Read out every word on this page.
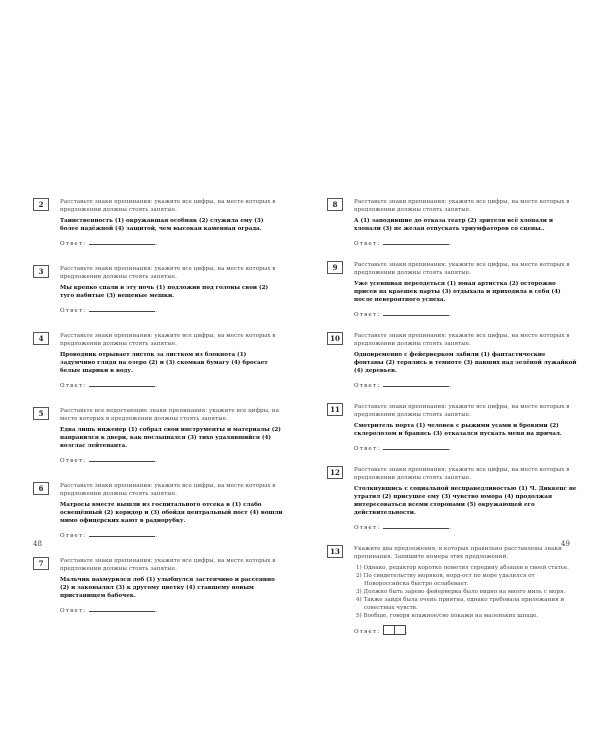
2	Расставьте знаки препинания: укажите все цифры, на месте которых в предложении должны стоять запятые.
Таинственность (1) окружавшая особняк (2) служила ему (3) более надёжной (4) защитой, чем высокая каменная ограда.
Ответ:	.
3	Расставьте знаки препинания: укажите все цифры, на месте которых в предложении должны стоять запятые.
Мы крепко спали в эту ночь (1) подложив под головы свои (2) туго набитые (3) вещевые мешки.
Ответ:	.
4	Расставьте знаки препинания: укажите все цифры, на месте которых в предложении должны стоять запятые.
Проводник отрывает листок за листком из блокнота (1) задумчиво глядя на озеро (2) и (3) скомкав бумагу (4) бросает белые шарики в воду.
Ответ:	.
5	Расставьте все недостающие знаки препинания: укажите все цифры, на месте которых в предложении должны стоять запятые.
Едва лишь инженер (1) собрал свои инструменты и материалы (2) направился к двери, как послышался (3) тихо удалявшийся (4) возглас лейтенанта.
Ответ:	.
6	Расставьте знаки препинания: укажите все цифры, на месте которых в предложении должны стоять запятые.
Матросы вместе вышли из госпитального отсека в (1) слабо освещённый (2) коридор и (3) обойдя центральный пост (4) вошли мимо офицерских кают в радиорубку.
Ответ:	.
7	Расставьте знаки препинания: укажите все цифры, на месте которых в предложении должны стоять запятые.
Мальчик нахмурился лоб (1) улыбнулся застенчиво и рассеянно (2) и заковылял (3) к другому цветку (4) ставшему новым пристанищем бабочек.
Ответ:	.
8	Расставьте знаки препинания: укажите все цифры, на месте которых в предложении должны стоять запятые.
А (1) заподившие до отказа театр (2) зрители всё хлопали и хлопали (3) не желая отпускать триумфаторов со сцены..
Ответ:	.
9	Расставьте знаки препинания: укажите все цифры, на месте которых в предложении должны стоять запятые.
Уже усевшиая переодеться (1) юная артистка (2) осторожно присев на краешек парты (3) отдыхала и приходила в себя (4) после невероятного успеха.
Ответ:	.
10	Расставьте знаки препинания: укажите все цифры, на месте которых в предложении должны стоять запятые.
Одновременно с фейерверком забили (1) фантастические фонтаны (2) терялись в темноте (3) павших над зелёной лужайкой (4) деревьев.
Ответ:	.
11	Расставьте знаки препинания: укажите все цифры, на месте которых в предложении должны стоять запятые.
Смотритель порта (1) человек с рыжими усами и бровями (2) склеролозом и бранясь (3) отказался пускать меня на причал.
Ответ:	.
12	Расставьте знаки препинания: укажите все цифры, на месте которых в предложении должны стоять запятые.
Столкнувшись с социальной несправедливостью (1) Ч. Диккенс не утратил (2) присущее ему (3) чувство юмора (4) продолжая интересоваться всеми сторонами (5) окружающей его действительности.
Ответ:	.
13	Укажите два предложения, в которых правильно расставлены знаки препинания. Запишите номера этих предложений.
1) Однако, редактор коротко пометил середину абзацев в своей статье.
2) По свидетельству моряков, норд-ост по море удалился от Новороссийска быстро ослабевает.
3) Должно быть зарево фейерверка было видно на много миль с моря.
4) Также зайдя была очень приятна, однако требовала прилежания и совестных чувств.
5) Вообще, говоря влажное/сво покажи на маленьких шпаде.
Ответ:	.
48	49
